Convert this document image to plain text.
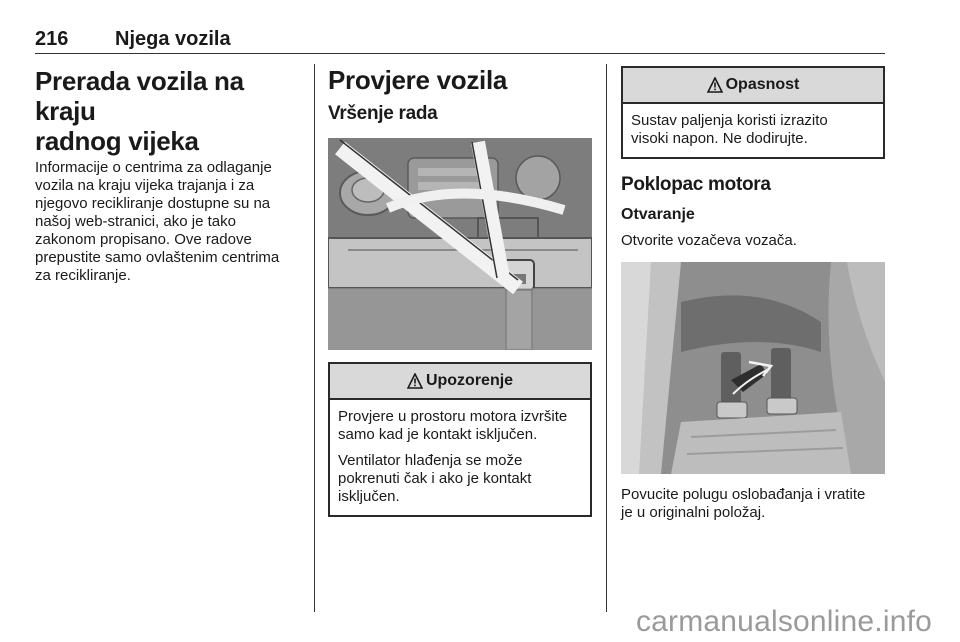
216 Njega vozila
Prerada vozila na kraju
radnog vijeka

Informacije o centrima za odlaganje
vozila na kraju vijeka trajanja i za
njegovo recikliranje dostupne su na
našoj web-stranici, ako je tako
zakonom propisano. Ove radove
prepustite samo ovlaštenim centrima
za recikliranje.

Provjere vozila
Vršenje rada
Upozorenje

Provjere u prostoru motora izvršite
samo kad je kontakt isključen.

Ventilator hlađenja se može
pokrenuti čak i ako je kontakt
isključen.

Opasnost

Sustav paljenja koristi izrazito
visoki napon. Ne dodirujte.

Poklopac motora
Otvaranje

Otvorite vozačeva vozača.

Povucite polugu oslobađanja i vratite
je u originalni položaj.

carmanualsonline.info
